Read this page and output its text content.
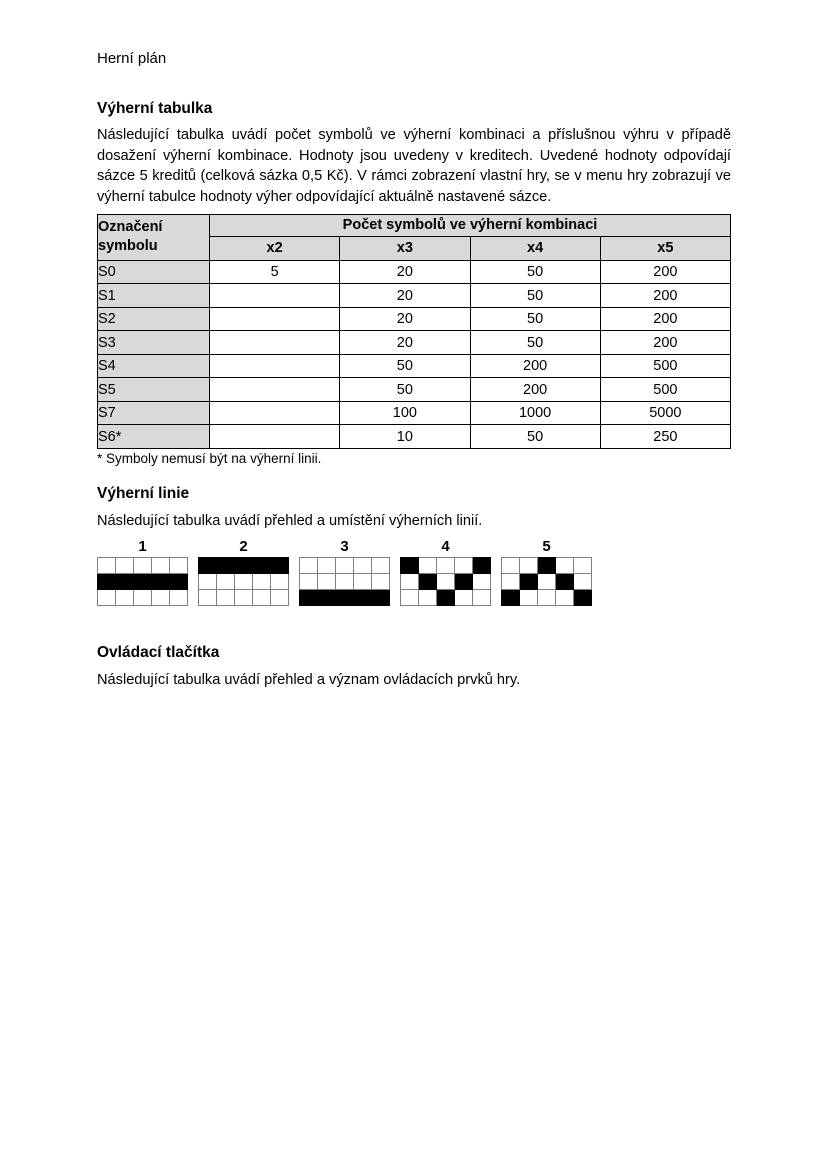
Herní plán
Výherní tabulka

Následující tabulka uvádí počet symbolů ve výherní kombinaci a příslušnou výhru v případě dosažení výherní kombinace. Hodnoty jsou uvedeny v kreditech. Uvedené hodnoty odpovídají sázce 5 kreditů (celková sázka 0,5 Kč). V rámci zobrazení vlastní hry, se v menu hry zobrazují ve výherní tabulce hodnoty výher odpovídající aktuálně nastavené sázce.

Označení symbolu	Počet symbolů ve výherní kombinaci			
	x2	x3	x4	x5
S0	5	20	50	200
S1		20	50	200
S2		20	50	200
S3		20	50	200
S4		50	200	500
S5		50	200	500
S7		100	1000	5000
S6*		10	50	250

* Symboly nemusí být na výherní linii.

Výherní linie

Následující tabulka uvádí přehled a umístění výherních linií.

1

					2

					3

					4

					5

Ovládací tlačítka

Následující tabulka uvádí přehled a význam ovládacích prvků hry.
